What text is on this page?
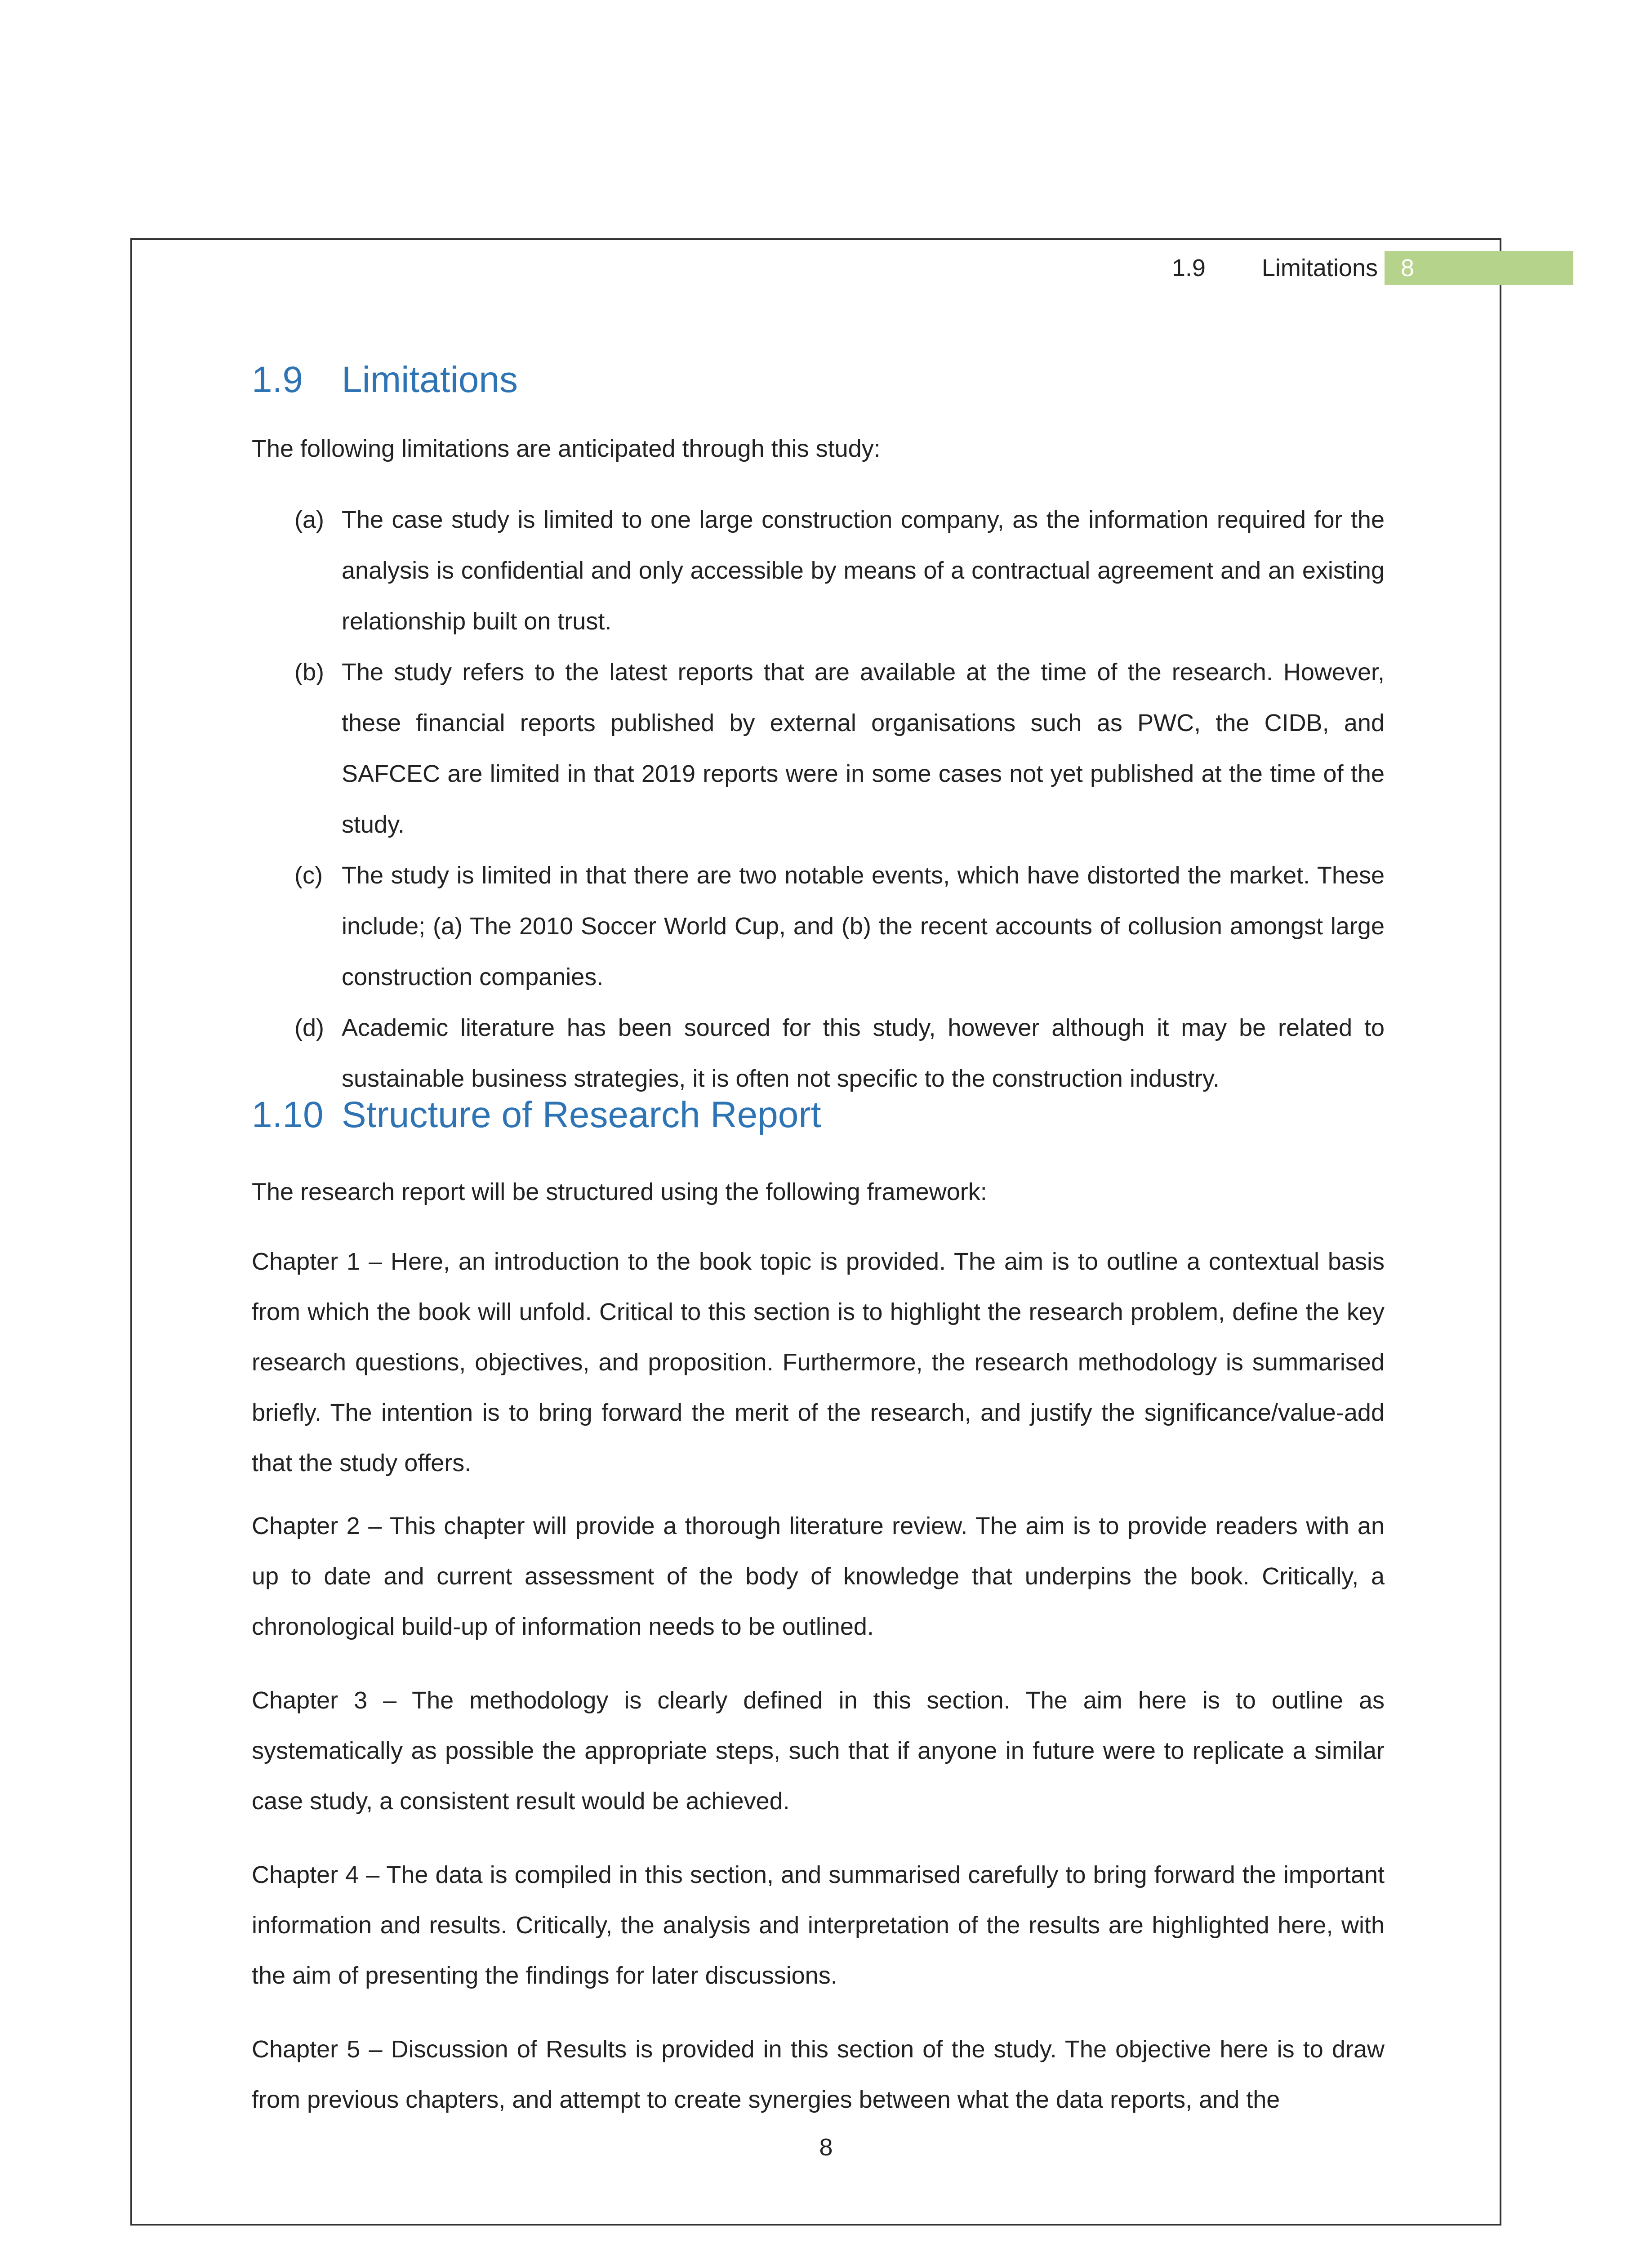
1.9 Limitations 8
1.9 Limitations

The following limitations are anticipated through this study:

(a) The case study is limited to one large construction company, as the information required for the analysis is confidential and only accessible by means of a contractual agreement and an existing relationship built on trust.
(b) The study refers to the latest reports that are available at the time of the research. However, these financial reports published by external organisations such as PWC, the CIDB, and SAFCEC are limited in that 2019 reports were in some cases not yet published at the time of the study.
(c) The study is limited in that there are two notable events, which have distorted the market. These include; (a) The 2010 Soccer World Cup, and (b) the recent accounts of collusion amongst large construction companies.
(d) Academic literature has been sourced for this study, however although it may be related to sustainable business strategies, it is often not specific to the construction industry.
1.10 Structure of Research Report

The research report will be structured using the following framework:

Chapter 1 – Here, an introduction to the book topic is provided. The aim is to outline a contextual basis from which the book will unfold. Critical to this section is to highlight the research problem, define the key research questions, objectives, and proposition. Furthermore, the research methodology is summarised briefly. The intention is to bring forward the merit of the research, and justify the significance/value-add that the study offers.

Chapter 2 – This chapter will provide a thorough literature review. The aim is to provide readers with an up to date and current assessment of the body of knowledge that underpins the book. Critically, a chronological build-up of information needs to be outlined.

Chapter 3 – The methodology is clearly defined in this section. The aim here is to outline as systematically as possible the appropriate steps, such that if anyone in future were to replicate a similar case study, a consistent result would be achieved.

Chapter 4 – The data is compiled in this section, and summarised carefully to bring forward the important information and results. Critically, the analysis and interpretation of the results are highlighted here, with the aim of presenting the findings for later discussions.

Chapter 5 – Discussion of Results is provided in this section of the study. The objective here is to draw from previous chapters, and attempt to create synergies between what the data reports, and the

8
